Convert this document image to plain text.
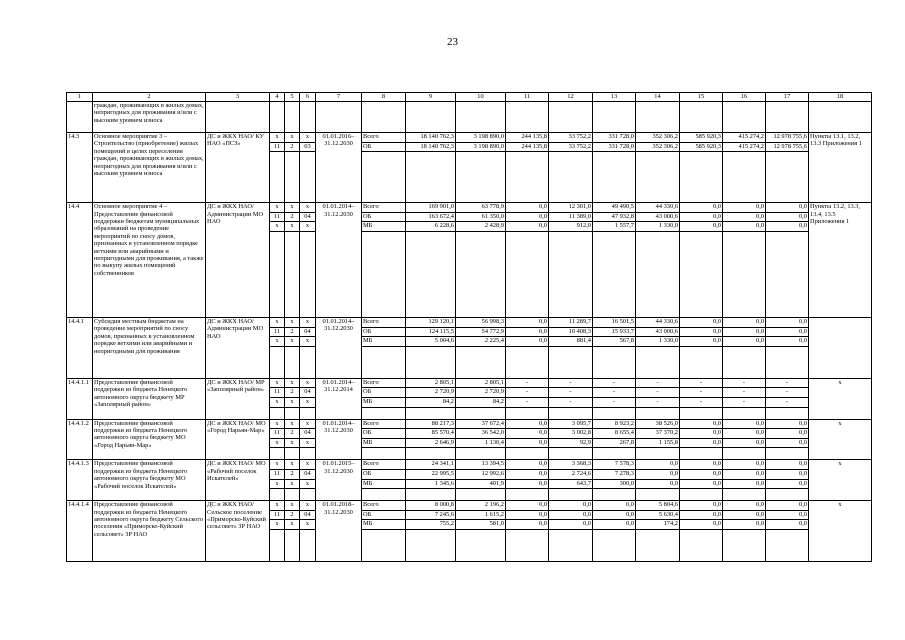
23
1	2	3	4	5	6	7	8	9	10	11	12	13	14	15	16	17	18
	граждан, проживающих в жилых домах, непригодных для проживания и/или с высоким уровнем износа																
14.3	Основное мероприятие 3 – Строительство (приобретение) жилых помещений в целях переселения граждан, проживающих в жилых домах, непригодных для проживания и/или с высоким уровнем износа	ДС и ЖКХ НАО/ КУ НАО «ПСЗ»	x	x	x	01.01.2016– 31.12.2030	Всего	18 140 762,3	3 198 890,0	244 135,8	33 752,2	331 728,0	352 306,2	585 920,3	415 274,2	12 978 755,6	Пункты 13.1, 13.2, 13.3 Приложения 1
			11	2	03		ОБ	18 140 762,3	3 198 890,0	244 135,8	33 752,2	331 728,0	352 306,2	585 920,3	415 274,2	12 978 755,6	

14.4	Основное мероприятие 4 – Предоставление финансовой поддержки бюджетам муниципальных образований на проведение мероприятий по сносу домов, признанных в установленном порядке ветхими или аварийными и непригодными для проживания, а также по выкупу жилых помещений собственников	ДС и ЖКХ НАО/ Администрации МО НАО	x	x	x	01.01.2014– 31.12.2030	Всего	169 901,0	63 778,9	0,0	12 301,0	49 490,5	44 330,6	0,0	0,0	0,0	Пункты 13.2, 13.3, 13.4, 13.5 Приложения 1
			11	2	04		ОБ	163 672,4	61 350,0	0,0	11 389,0	47 932,8	43 000,6	0,0	0,0	0,0	
			x	x	x		МБ	6 228,6	2 428,9	0,0	912,0	1 557,7	1 330,0	0,0	0,0	0,0	

14.4.1	Субсидия местным бюджетам на проведение мероприятий по сносу домов, признанных в установленном порядке ветхими или аварийными и непригодными для проживания	ДС и ЖКХ НАО/ Администрации МО НАО	x	x	x	01.01.2014– 31.12.2030	Всего	129 120,1	56 998,3	0,0	11 289,7	16 501,5	44 330,6	0,0	0,0	0,0	
			11	2	04		ОБ	124 115,5	54 772,9	0,0	10 408,3	15 933,7	43 000,6	0,0	0,0	0,0	
			x	x	x		МБ	5 004,6	2 225,4	0,0	881,4	567,8	1 330,0	0,0	0,0	0,0	

14.4.1.1	Предоставление финансовой поддержки из бюджета Ненецкого автономного округа бюджету МР «Заполярный район»	ДС и ЖКХ НАО/ МР «Заполярный район»	x	x	x	01.01.2014– 31.12.2014	Всего	2 805,1	2 805,1	-	-	-	-	-	-	-	x
			11	2	04		ОБ	2 720,9	2 720,9	-	-	-	-	-	-	-	
			x	x	x		МБ	84,2	84,2	-	-	-	-	-	-	-	

14.4.1.2	Предоставление финансовой поддержки из бюджета Ненецкого автономного округа бюджету МО «Город Нарьян-Мар»	ДС и ЖКХ НАО/ МО «Город Нарьян-Мар»	x	x	x	01.01.2014– 31.12.2030	Всего	88 217,3	37 672,4	0,0	3 095,7	8 923,2	38 526,0	0,0	0,0	0,0	x
			11	2	04		ОБ	85 570,4	36 542,0	0,0	3 002,8	8 655,4	37 370,2	0,0	0,0	0,0	
			x	x	x		МБ	2 646,9	1 130,4	0,0	92,9	267,8	1 155,8	0,0	0,0	0,0	

14.4.1.3	Предоставление финансовой поддержки из бюджета Ненецкого автономного округа бюджету МО «Рабочий поселок Искателей»	ДС и ЖКХ НАО/ МО «Рабочий поселок Искателей»	x	x	x	01.01.2015– 31.12.2030	Всего	24 341,1	13 394,5	0,0	3 368,3	7 578,3	0,0	0,0	0,0	0,0	x
			11	2	04		ОБ	22 995,5	12 992,6	0,0	2 724,6	7 278,3	0,0	0,0	0,0	0,0	
			x	x	x		МБ	1 345,6	401,9	0,0	643,7	300,0	0,0	0,0	0,0	0,0	

14.4.1.4	Предоставление финансовой поддержки из бюджета Ненецкого автономного округа бюджету Сельского поселения «Приморско-Куйский сельсовет» ЗР НАО	ДС и ЖКХ НАО/ Сельское поселение «Приморско-Куйский сельсовет» ЗР НАО	x	x	x	01.01.2018– 31.12.2030	Всего	8 000,8	2 196,2	0,0	0,0	0,0	5 804,6	0,0	0,0	0,0	x
			11	2	04		ОБ	7 245,6	1 615,2	0,0	0,0	0,0	5 630,4	0,0	0,0	0,0	
			x	x	x		МБ	755,2	581,0	0,0	0,0	0,0	174,2	0,0	0,0	0,0	
